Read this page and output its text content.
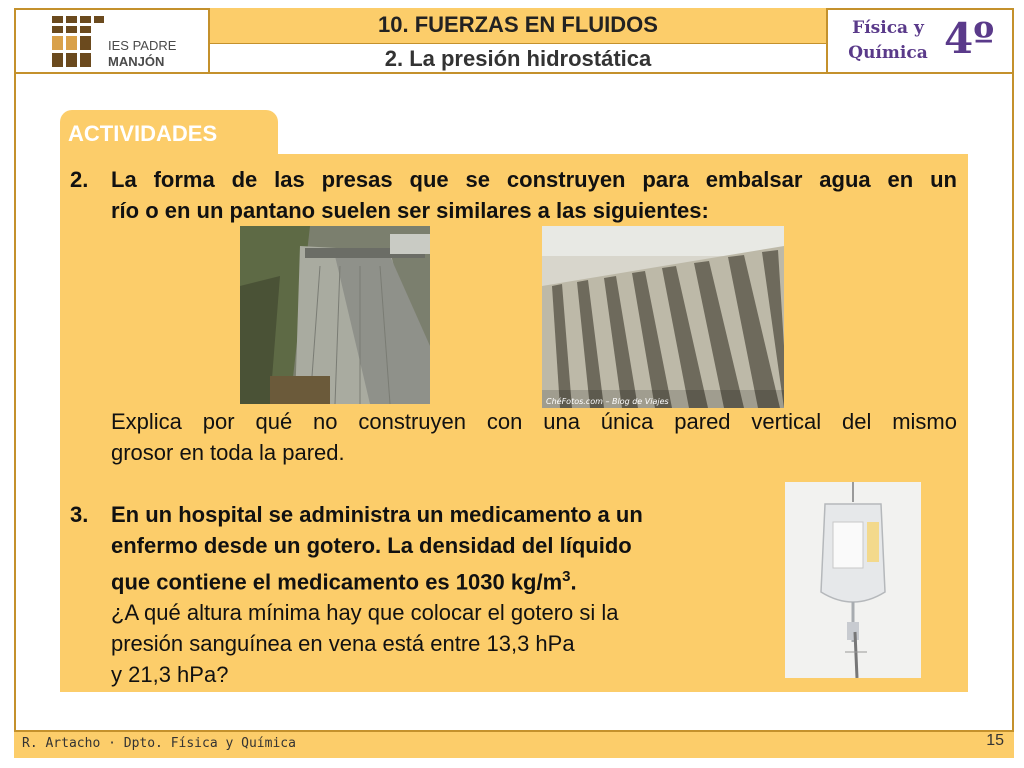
IES PADRE
MANJÓN
10. FUERZAS EN FLUIDOS
2. La presión hidrostática
Física y
Química 4º
ACTIVIDADES
2. La forma de las presas que se construyen para embalsar agua en un
río o en un pantano suelen ser similares a las siguientes:
ChéFotos.com – Blog de Viajes
Explica por qué no construyen con una única pared vertical del mismo
grosor en toda la pared.
3. En un hospital se administra un medicamento a un
enfermo desde un gotero. La densidad del líquido
que contiene el medicamento es 1030 $kg/m^3$.
¿A qué altura mínima hay que colocar el gotero si la
presión sanguínea en vena está entre 13,3 hPa
y 21,3 hPa?
R. Artacho · Dpto. Física y Química	15
